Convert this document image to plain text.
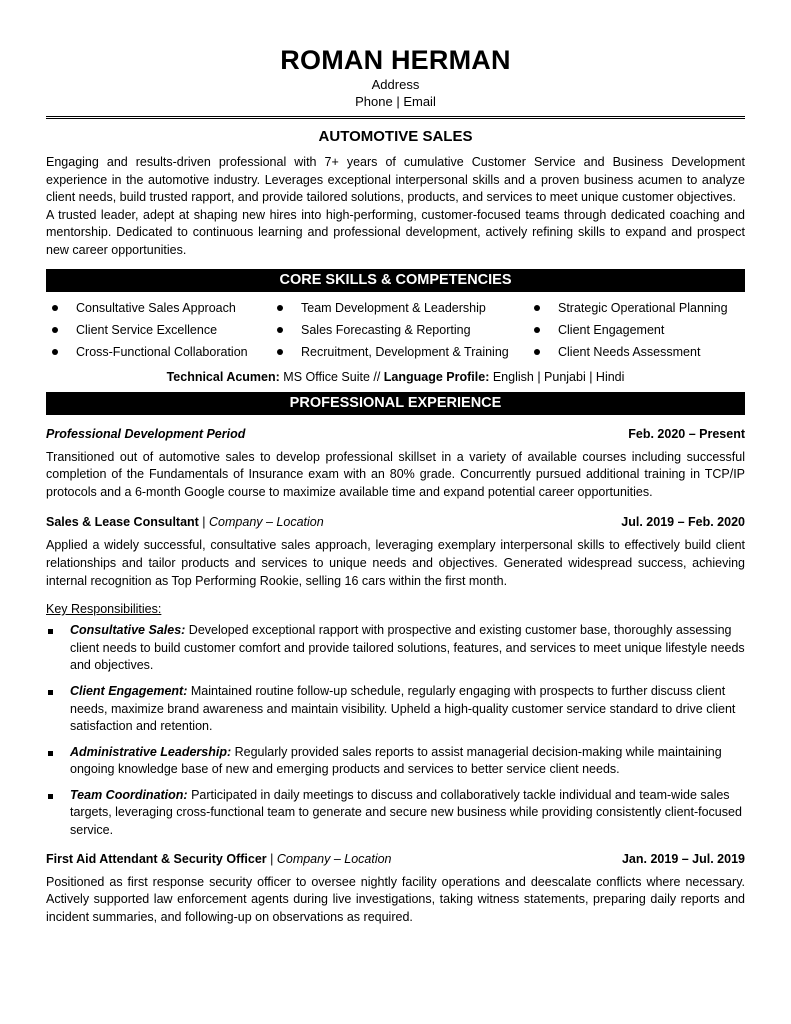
ROMAN HERMAN
Address
Phone | Email
AUTOMOTIVE SALES

Engaging and results-driven professional with 7+ years of cumulative Customer Service and Business Development experience in the automotive industry. Leverages exceptional interpersonal skills and a proven business acumen to analyze client needs, build trusted rapport, and provide tailored solutions, products, and services to meet unique customer objectives.

A trusted leader, adept at shaping new hires into high-performing, customer-focused teams through dedicated coaching and mentorship. Dedicated to continuous learning and professional development, actively refining skills to expand and prospect new career opportunities.

CORE SKILLS & COMPETENCIES
Consultative Sales Approach	Team Development & Leadership	Strategic Operational Planning
Client Service Excellence	Sales Forecasting & Reporting	Client Engagement
Cross-Functional Collaboration	Recruitment, Development & Training	Client Needs Assessment
Technical Acumen: MS Office Suite // Language Profile: English | Punjabi | Hindi
PROFESSIONAL EXPERIENCE
Professional Development Period	Feb. 2020 – Present

Transitioned out of automotive sales to develop professional skillset in a variety of available courses including successful completion of the Fundamentals of Insurance exam with an 80% grade. Concurrently pursued additional training in TCP/IP protocols and a 6-month Google course to maximize available time and expand potential career opportunities.

Sales & Lease Consultant | Company – Location	Jul. 2019 – Feb. 2020

Applied a widely successful, consultative sales approach, leveraging exemplary interpersonal skills to effectively build client relationships and tailor products and services to unique needs and objectives. Generated widespread success, achieving internal recognition as Top Performing Rookie, selling 16 cars within the first month.

Key Responsibilities:
Consultative Sales: Developed exceptional rapport with prospective and existing customer base, thoroughly assessing client needs to build customer comfort and provide tailored solutions, features, and services to meet unique lifestyle needs and objectives.
Client Engagement: Maintained routine follow-up schedule, regularly engaging with prospects to further discuss client needs, maximize brand awareness and maintain visibility. Upheld a high-quality customer service standard to drive client satisfaction and retention.
Administrative Leadership: Regularly provided sales reports to assist managerial decision-making while maintaining ongoing knowledge base of new and emerging products and services to better service client needs.
Team Coordination: Participated in daily meetings to discuss and collaboratively tackle individual and team-wide sales targets, leveraging cross-functional team to generate and secure new business while providing consistently client-focused service.
First Aid Attendant & Security Officer | Company – Location	Jan. 2019 – Jul. 2019

Positioned as first response security officer to oversee nightly facility operations and deescalate conflicts where necessary. Actively supported law enforcement agents during live investigations, taking witness statements, preparing daily reports and incident summaries, and following-up on observations as required.
